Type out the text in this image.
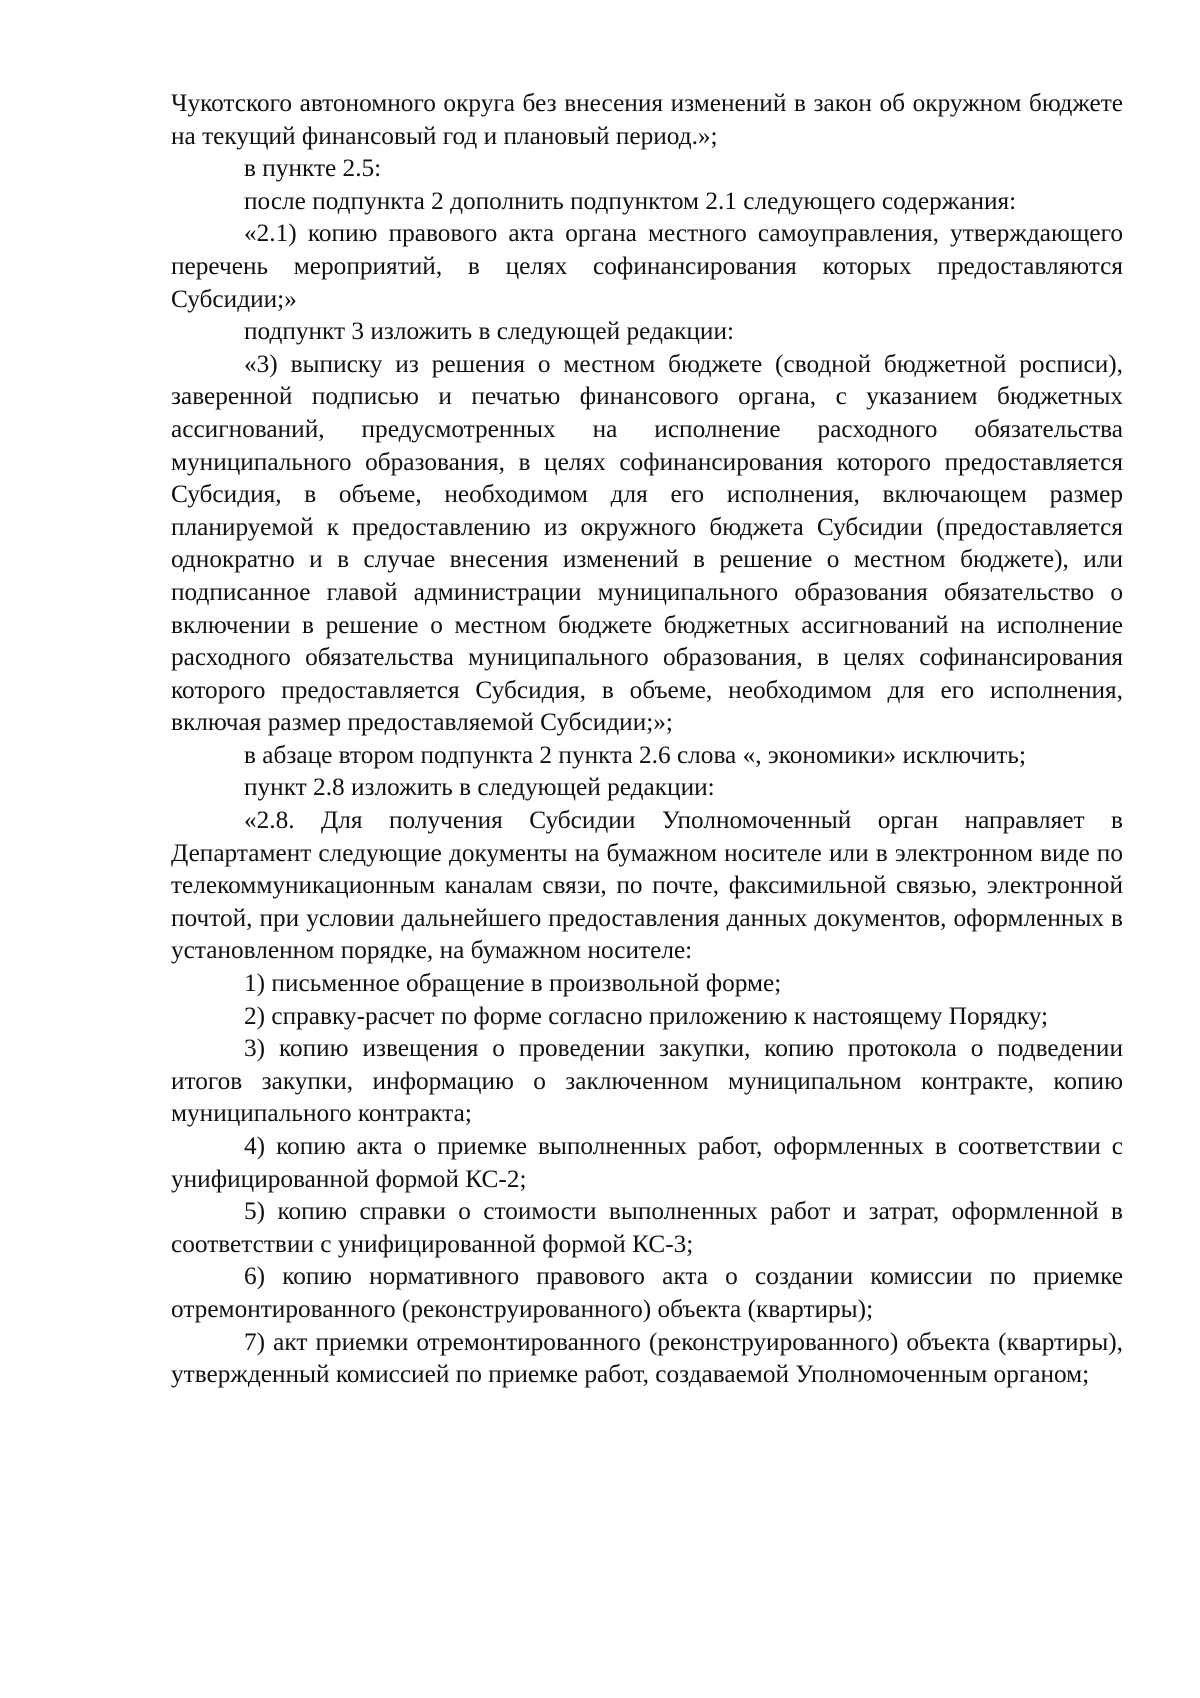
Чукотского автономного округа без внесения изменений в закон об окружном бюджете на текущий финансовый год и плановый период.»;

в пункте 2.5:

после подпункта 2 дополнить подпунктом 2.1 следующего содержания:

«2.1) копию правового акта органа местного самоуправления, утверждающего перечень мероприятий, в целях софинансирования которых предоставляются Субсидии;»

подпункт 3 изложить в следующей редакции:

«3) выписку из решения о местном бюджете (сводной бюджетной росписи), заверенной подписью и печатью финансового органа, с указанием бюджетных ассигнований, предусмотренных на исполнение расходного обязательства муниципального образования, в целях софинансирования которого предоставляется Субсидия, в объеме, необходимом для его исполнения, включающем размер планируемой к предоставлению из окружного бюджета Субсидии (предоставляется однократно и в случае внесения изменений в решение о местном бюджете), или подписанное главой администрации муниципального образования обязательство о включении в решение о местном бюджете бюджетных ассигнований на исполнение расходного обязательства муниципального образования, в целях софинансирования которого предоставляется Субсидия, в объеме, необходимом для его исполнения, включая размер предоставляемой Субсидии;»;

в абзаце втором подпункта 2 пункта 2.6 слова «, экономики» исключить;

пункт 2.8 изложить в следующей редакции:

«2.8. Для получения Субсидии Уполномоченный орган направляет в Департамент следующие документы на бумажном носителе или в электронном виде по телекоммуникационным каналам связи, по почте, факсимильной связью, электронной почтой, при условии дальнейшего предоставления данных документов, оформленных в установленном порядке, на бумажном носителе:

1) письменное обращение в произвольной форме;

2) справку-расчет по форме согласно приложению к настоящему Порядку;

3) копию извещения о проведении закупки, копию протокола о подведении итогов закупки, информацию о заключенном муниципальном контракте, копию муниципального контракта;

4) копию акта о приемке выполненных работ, оформленных в соответствии с унифицированной формой КС-2;

5) копию справки о стоимости выполненных работ и затрат, оформленной в соответствии с унифицированной формой КС-3;

6) копию нормативного правового акта о создании комиссии по приемке отремонтированного (реконструированного) объекта (квартиры);

7) акт приемки отремонтированного (реконструированного) объекта (квартиры), утвержденный комиссией по приемке работ, создаваемой Уполномоченным органом;
